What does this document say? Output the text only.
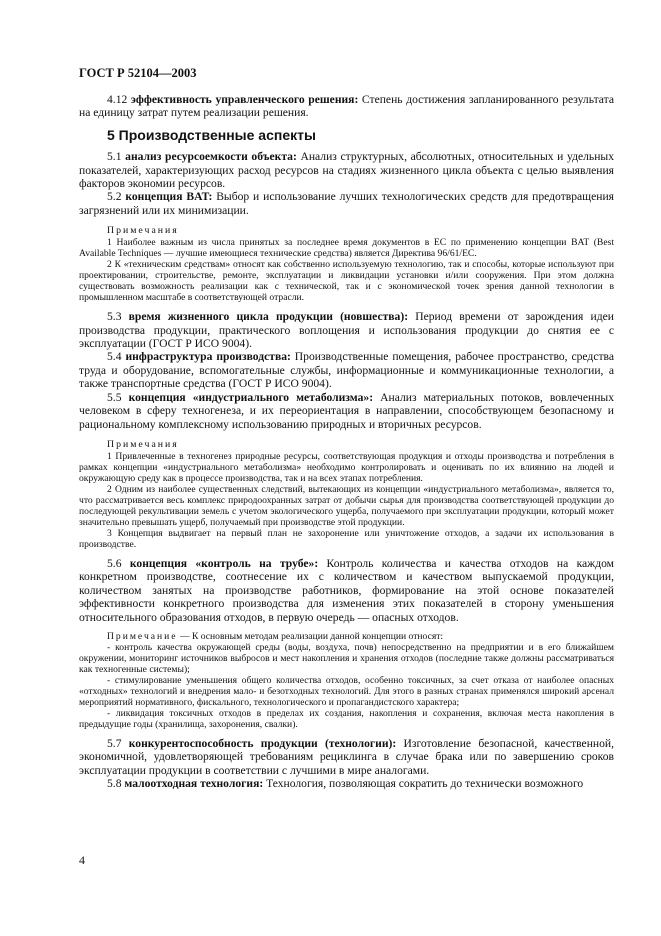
ГОСТ Р 52104—2003

4.12 эффективность управленческого решения: Степень достижения запланированного результата на единицу затрат путем реализации решения.

5 Производственные аспекты

5.1 анализ ресурсоемкости объекта: Анализ структурных, абсолютных, относительных и удельных показателей, характеризующих расход ресурсов на стадиях жизненного цикла объекта с целью выявления факторов экономии ресурсов.

5.2 концепция BAT: Выбор и использование лучших технологических средств для предотвращения загрязнений или их минимизации.

Примечания

1 Наиболее важным из числа принятых за последнее время документов в ЕС по применению концепции BAT (Best Available Techniques — лучшие имеющиеся технические средства) является Директива 96/61/ЕС.

2 К «техническим средствам» относят как собственно используемую технологию, так и способы, которые используют при проектировании, строительстве, ремонте, эксплуатации и ликвидации установки и/или сооружения. При этом должна существовать возможность реализации как с технической, так и с экономической точек зрения данной технологии в промышленном масштабе в соответствующей отрасли.

5.3 время жизненного цикла продукции (новшества): Период времени от зарождения идеи производства продукции, практического воплощения и использования продукции до снятия ее с эксплуатации (ГОСТ Р ИСО 9004).

5.4 инфраструктура производства: Производственные помещения, рабочее пространство, средства труда и оборудование, вспомогательные службы, информационные и коммуникационные технологии, а также транспортные средства (ГОСТ Р ИСО 9004).

5.5 концепция «индустриального метаболизма»: Анализ материальных потоков, вовлеченных человеком в сферу техногенеза, и их переориентация в направлении, способствующем безопасному и рациональному комплексному использованию природных и вторичных ресурсов.

Примечания

1 Привлеченные в техногенез природные ресурсы, соответствующая продукция и отходы производства и потребления в рамках концепции «индустриального метаболизма» необходимо контролировать и оценивать по их влиянию на людей и окружающую среду как в процессе производства, так и на всех этапах потребления.

2 Одним из наиболее существенных следствий, вытекающих из концепции «индустриального метаболизма», является то, что рассматривается весь комплекс природоохранных затрат от добычи сырья для производства соответствующей продукции до последующей рекультивации земель с учетом экологического ущерба, получаемого при эксплуатации продукции, который может значительно превышать ущерб, получаемый при производстве этой продукции.

3 Концепция выдвигает на первый план не захоронение или уничтожение отходов, а задачи их использования в производстве.

5.6 концепция «контроль на трубе»: Контроль количества и качества отходов на каждом конкретном производстве, соотнесение их с количеством и качеством выпускаемой продукции, количеством занятых на производстве работников, формирование на этой основе показателей эффективности конкретного производства для изменения этих показателей в сторону уменьшения относительного образования отходов, в первую очередь — опасных отходов.

Примечание — К основным методам реализации данной концепции относят:

- контроль качества окружающей среды (воды, воздуха, почв) непосредственно на предприятии и в его ближайшем окружении, мониторинг источников выбросов и мест накопления и хранения отходов (последние также должны рассматриваться как техногенные системы);

- стимулирование уменьшения общего количества отходов, особенно токсичных, за счет отказа от наиболее опасных «отходных» технологий и внедрения мало- и безотходных технологий. Для этого в разных странах применялся широкий арсенал мероприятий нормативного, фискального, технологического и пропагандистского характера;

- ликвидация токсичных отходов в пределах их создания, накопления и сохранения, включая места накопления в предыдущие годы (хранилища, захоронения, свалки).

5.7 конкурентоспособность продукции (технологии): Изготовление безопасной, качественной, экономичной, удовлетворяющей требованиям рециклинга в случае брака или по завершению сроков эксплуатации продукции в соответствии с лучшими в мире аналогами.

5.8 малоотходная технология: Технология, позволяющая сократить до технически возможного

4
